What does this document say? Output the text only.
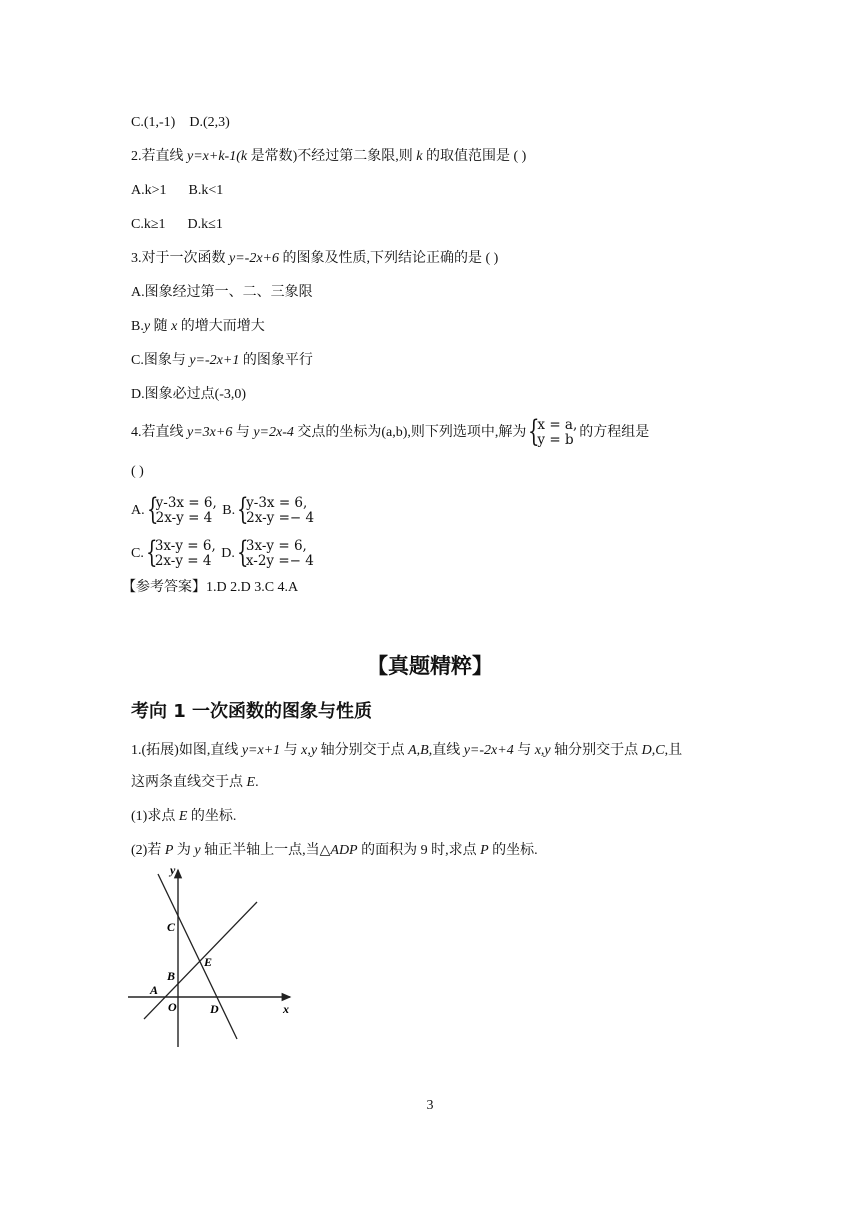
C.(1,-1) D.(2,3)
2.若直线 y=x+k-1(k 是常数)不经过第二象限,则 k 的取值范围是 ( )
A.k>1 B.k<1
C.k≥1 D.k≤1
3.对于一次函数 y=-2x+6 的图象及性质,下列结论正确的是 ( )
A.图象经过第一、二、三象限
B.y 随 x 的增大而增大
C.图象与 y=-2x+1 的图象平行
D.图象必过点(-3,0)
4.若直线 y=3x+6 与 y=2x-4 交点的坐标为(a,b),则下列选项中,解为 {
x = a,
y = b 的方程组是
( )
A. {
y-3x = 6,
2x-y = 4 B. {
y-3x = 6,
2x-y =− 4
C. {
3x-y = 6,
2x-y = 4 D. {
3x-y = 6,
x-2y =− 4
【参考答案】1.D 2.D 3.C 4.A
【真题精粹】
考向 1 一次函数的图象与性质
1.(拓展)如图,直线 y=x+1 与 x,y 轴分别交于点 A,B,直线 y=-2x+4 与 x,y 轴分别交于点 D,C,且
这两条直线交于点 E.
(1)求点 E 的坐标.
(2)若 P 为 y 轴正半轴上一点,当△ADP 的面积为 9 时,求点 P 的坐标.
y
x
C
E
B
A
O	D
3
